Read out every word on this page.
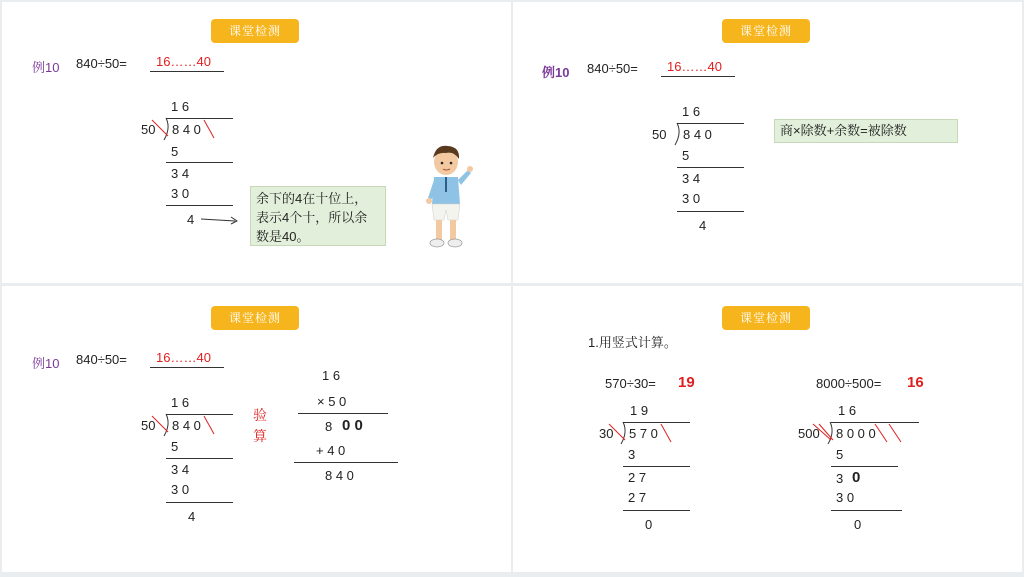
课堂检测
例10 840÷50= 16……40
1 6
50 8 4 0
5
3 4
3 0
4
余下的4在十位上，
表示4个十，所以余
数是40。
课堂检测
例10 840÷50= 16……40
1 6
50 8 4 0
5
3 4
3 0
4
商×除数+余数=被除数
课堂检测
例10 840÷50= 16……40
1 6
50 8 4 0
5
3 4
3 0
4
验
算
1 6
× 5 0
8 0 0
+ 4 0
8 4 0
课堂检测
1.用竖式计算。
570÷30= 19
1 9
30 5 7 0
3
2 7
2 7
0
8000÷500= 16
1 6
500 8 0 0 0
5
3 0
3 0
0
